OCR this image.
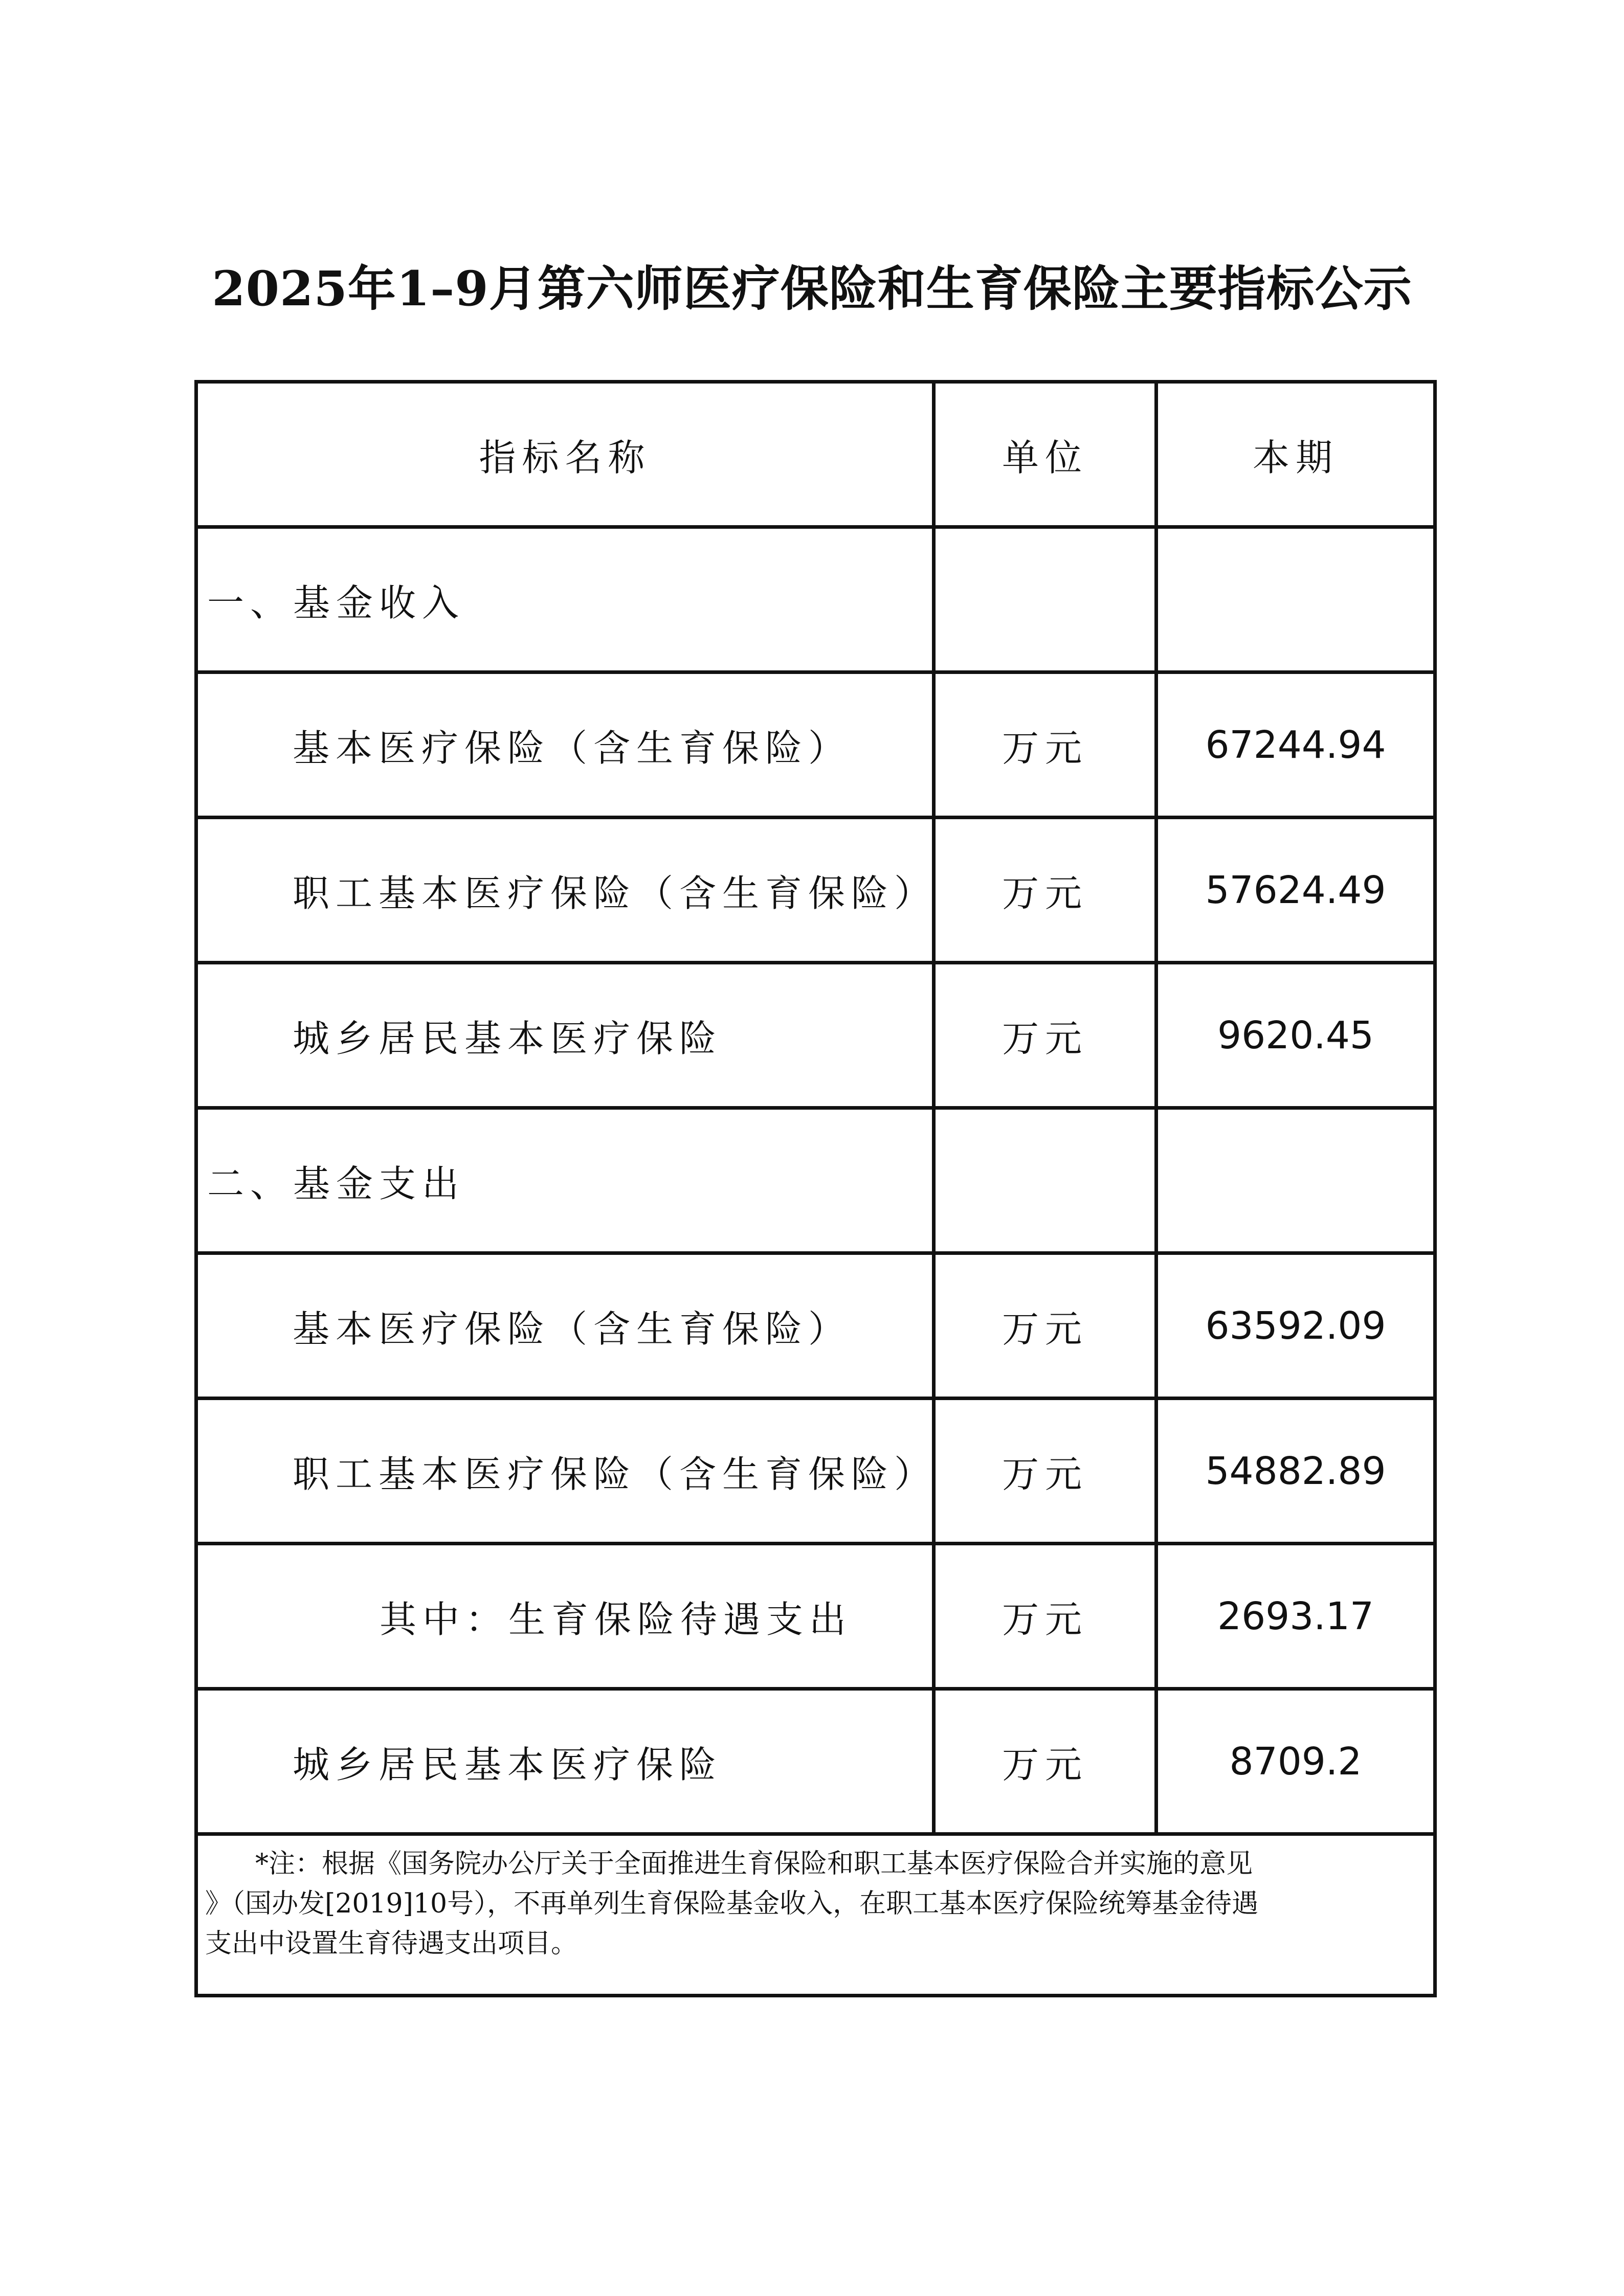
2025年1–9月第六师医疗保险和生育保险主要指标公示
指标名称	单位	本期
一、基金收入		
基本医疗保险（含生育保险）	万元	67244.94
职工基本医疗保险（含生育保险）	万元	57624.49
城乡居民基本医疗保险	万元	9620.45
二、基金支出		
基本医疗保险（含生育保险）	万元	63592.09
职工基本医疗保险（含生育保险）	万元	54882.89
其中：生育保险待遇支出	万元	2693.17
城乡居民基本医疗保险	万元	8709.2

*注：根据《国务院办公厅关于全面推进生育保险和职工基本医疗保险合并实施的意见
》（国办发[2019]10号），不再单列生育保险基金收入，在职工基本医疗保险统筹基金待遇
支出中设置生育待遇支出项目。		
